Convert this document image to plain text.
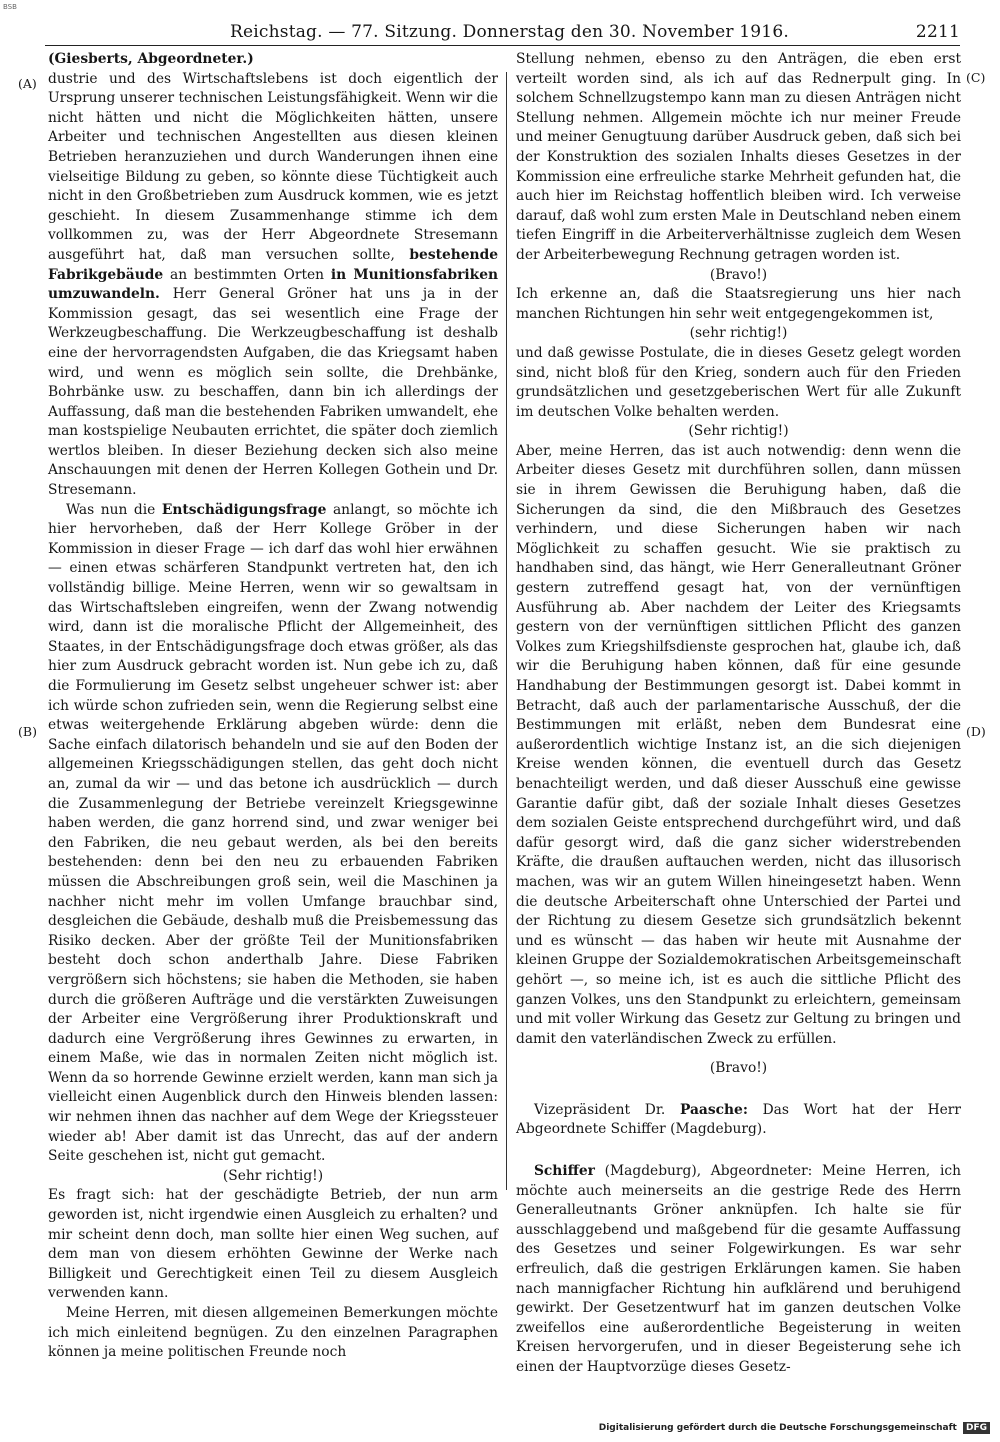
BSB
Reichstag. — 77. Sitzung. Donnerstag den 30. November 1916.	2211
(A)
(B)
(C)
(D)

(Giesberts, Abgeordneter.)

dustrie und des Wirtschaftslebens ist doch eigentlich der Ursprung unserer technischen Leistungsfähigkeit. Wenn wir die nicht hätten und nicht die Möglichkeiten hätten, unsere Arbeiter und technischen Angestellten aus diesen kleinen Betrieben heranzuziehen und durch Wanderungen ihnen eine vielseitige Bildung zu geben, so könnte diese Tüchtigkeit auch nicht in den Großbetrieben zum Ausdruck kommen, wie es jetzt geschieht. In diesem Zusammenhange stimme ich dem vollkommen zu, was der Herr Abgeordnete Stresemann ausgeführt hat, daß man versuchen sollte, bestehende Fabrikgebäude an bestimmten Orten in Munitionsfabriken umzuwandeln. Herr General Gröner hat uns ja in der Kommission gesagt, das sei wesentlich eine Frage der Werkzeugbeschaffung. Die Werkzeugbeschaffung ist deshalb eine der hervorragendsten Aufgaben, die das Kriegsamt haben wird, und wenn es möglich sein sollte, die Drehbänke, Bohrbänke usw. zu beschaffen, dann bin ich allerdings der Auffassung, daß man die bestehenden Fabriken umwandelt, ehe man kostspielige Neubauten errichtet, die später doch ziemlich wertlos bleiben. In dieser Beziehung decken sich also meine Anschauungen mit denen der Herren Kollegen Gothein und Dr. Stresemann.

Was nun die Entschädigungsfrage anlangt, so möchte ich hier hervorheben, daß der Herr Kollege Gröber in der Kommission in dieser Frage — ich darf das wohl hier erwähnen — einen etwas schärferen Standpunkt vertreten hat, den ich vollständig billige. Meine Herren, wenn wir so gewaltsam in das Wirtschaftsleben eingreifen, wenn der Zwang notwendig wird, dann ist die moralische Pflicht der Allgemeinheit, des Staates, in der Entschädigungsfrage doch etwas größer, als das hier zum Ausdruck gebracht worden ist. Nun gebe ich zu, daß die Formulierung im Gesetz selbst ungeheuer schwer ist: aber ich würde schon zufrieden sein, wenn die Regierung selbst eine etwas weitergehende Erklärung abgeben würde: denn die Sache einfach dilatorisch behandeln und sie auf den Boden der allgemeinen Kriegsschädigungen stellen, das geht doch nicht an, zumal da wir — und das betone ich ausdrücklich — durch die Zusammenlegung der Betriebe vereinzelt Kriegsgewinne haben werden, die ganz horrend sind, und zwar weniger bei den Fabriken, die neu gebaut werden, als bei den bereits bestehenden: denn bei den neu zu erbauenden Fabriken müssen die Abschreibungen groß sein, weil die Maschinen ja nachher nicht mehr im vollen Umfange brauchbar sind, desgleichen die Gebäude, deshalb muß die Preisbemessung das Risiko decken. Aber der größte Teil der Munitionsfabriken besteht doch schon anderthalb Jahre. Diese Fabriken vergrößern sich höchstens; sie haben die Methoden, sie haben durch die größeren Aufträge und die verstärkten Zuweisungen der Arbeiter eine Vergrößerung ihrer Produktionskraft und dadurch eine Vergrößerung ihres Gewinnes zu erwarten, in einem Maße, wie das in normalen Zeiten nicht möglich ist. Wenn da so horrende Gewinne erzielt werden, kann man sich ja vielleicht einen Augenblick durch den Hinweis blenden lassen: wir nehmen ihnen das nachher auf dem Wege der Kriegssteuer wieder ab! Aber damit ist das Unrecht, das auf der andern Seite geschehen ist, nicht gut gemacht.

(Sehr richtig!)

Es fragt sich: hat der geschädigte Betrieb, der nun arm geworden ist, nicht irgendwie einen Ausgleich zu erhalten? und mir scheint denn doch, man sollte hier einen Weg suchen, auf dem man von diesem erhöhten Gewinne der Werke nach Billigkeit und Gerechtigkeit einen Teil zu diesem Ausgleich verwenden kann.

Meine Herren, mit diesen allgemeinen Bemerkungen möchte ich mich einleitend begnügen. Zu den einzelnen Paragraphen können ja meine politischen Freunde noch

Stellung nehmen, ebenso zu den Anträgen, die eben erst verteilt worden sind, als ich auf das Rednerpult ging. In solchem Schnellzugstempo kann man zu diesen Anträgen nicht Stellung nehmen. Allgemein möchte ich nur meiner Freude und meiner Genugtuung darüber Ausdruck geben, daß sich bei der Konstruktion des sozialen Inhalts dieses Gesetzes in der Kommission eine erfreuliche starke Mehrheit gefunden hat, die auch hier im Reichstag hoffentlich bleiben wird. Ich verweise darauf, daß wohl zum ersten Male in Deutschland neben einem tiefen Eingriff in die Arbeiterverhältnisse zugleich dem Wesen der Arbeiterbewegung Rechnung getragen worden ist.

(Bravo!)

Ich erkenne an, daß die Staatsregierung uns hier nach manchen Richtungen hin sehr weit entgegengekommen ist,

(sehr richtig!)

und daß gewisse Postulate, die in dieses Gesetz gelegt worden sind, nicht bloß für den Krieg, sondern auch für den Frieden grundsätzlichen und gesetzgeberischen Wert für alle Zukunft im deutschen Volke behalten werden.

(Sehr richtig!)

Aber, meine Herren, das ist auch notwendig: denn wenn die Arbeiter dieses Gesetz mit durchführen sollen, dann müssen sie in ihrem Gewissen die Beruhigung haben, daß die Sicherungen da sind, die den Mißbrauch des Gesetzes verhindern, und diese Sicherungen haben wir nach Möglichkeit zu schaffen gesucht. Wie sie praktisch zu handhaben sind, das hängt, wie Herr Generalleutnant Gröner gestern zutreffend gesagt hat, von der vernünftigen Ausführung ab. Aber nachdem der Leiter des Kriegsamts gestern von der vernünftigen sittlichen Pflicht des ganzen Volkes zum Kriegshilfsdienste gesprochen hat, glaube ich, daß wir die Beruhigung haben können, daß für eine gesunde Handhabung der Bestimmungen gesorgt ist. Dabei kommt in Betracht, daß auch der parlamentarische Ausschuß, der die Bestimmungen mit erläßt, neben dem Bundesrat eine außerordentlich wichtige Instanz ist, an die sich diejenigen Kreise wenden können, die eventuell durch das Gesetz benachteiligt werden, und daß dieser Ausschuß eine gewisse Garantie dafür gibt, daß der soziale Inhalt dieses Gesetzes dem sozialen Geiste entsprechend durchgeführt wird, und daß dafür gesorgt wird, daß die ganz sicher widerstrebenden Kräfte, die draußen auftauchen werden, nicht das illusorisch machen, was wir an gutem Willen hineingesetzt haben. Wenn die deutsche Arbeiterschaft ohne Unterschied der Partei und der Richtung zu diesem Gesetze sich grundsätzlich bekennt und es wünscht — das haben wir heute mit Ausnahme der kleinen Gruppe der Sozialdemokratischen Arbeitsgemeinschaft gehört —, so meine ich, ist es auch die sittliche Pflicht des ganzen Volkes, uns den Standpunkt zu erleichtern, gemeinsam und mit voller Wirkung das Gesetz zur Geltung zu bringen und damit den vaterländischen Zweck zu erfüllen.

(Bravo!)

Vizepräsident Dr. Paasche: Das Wort hat der Herr Abgeordnete Schiffer (Magdeburg).

Schiffer (Magdeburg), Abgeordneter: Meine Herren, ich möchte auch meinerseits an die gestrige Rede des Herrn Generalleutnants Gröner anknüpfen. Ich halte sie für ausschlaggebend und maßgebend für die gesamte Auffassung des Gesetzes und seiner Folgewirkungen. Es war sehr erfreulich, daß die gestrigen Erklärungen kamen. Sie haben nach mannigfacher Richtung hin aufklärend und beruhigend gewirkt. Der Gesetzentwurf hat im ganzen deutschen Volke zweifellos eine außerordentliche Begeisterung in weiten Kreisen hervorgerufen, und in dieser Begeisterung sehe ich einen der Hauptvorzüge dieses Gesetz-

Digitalisierung gefördert durch die Deutsche Forschungsgemeinschaft DFG
